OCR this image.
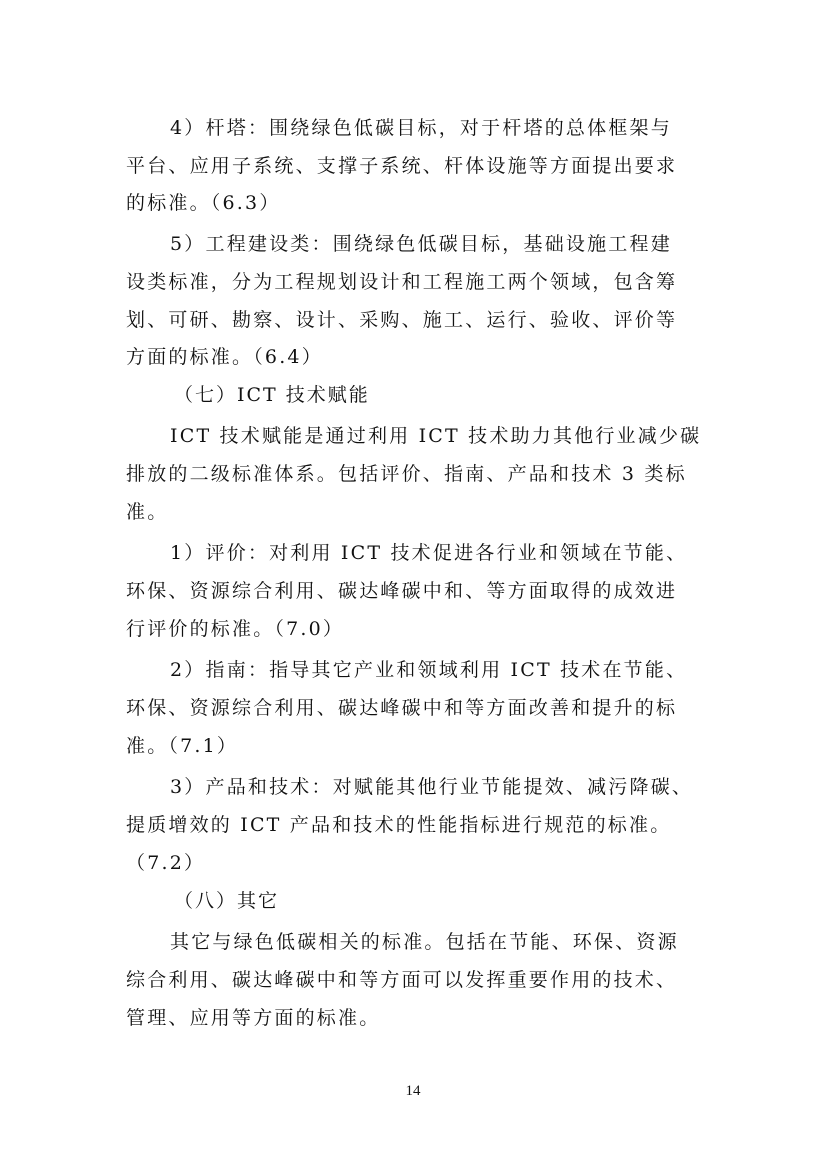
4）杆塔：围绕绿色低碳目标，对于杆塔的总体框架与
平台、应用子系统、支撑子系统、杆体设施等方面提出要求
的标准。（6.3）
5）工程建设类：围绕绿色低碳目标，基础设施工程建
设类标准，分为工程规划设计和工程施工两个领域，包含筹
划、可研、勘察、设计、采购、施工、运行、验收、评价等
方面的标准。（6.4）
（七）ICT 技术赋能
ICT 技术赋能是通过利用 ICT 技术助力其他行业减少碳
排放的二级标准体系。包括评价、指南、产品和技术 3 类标
准。
1）评价：对利用 ICT 技术促进各行业和领域在节能、
环保、资源综合利用、碳达峰碳中和、等方面取得的成效进
行评价的标准。（7.0）
2）指南：指导其它产业和领域利用 ICT 技术在节能、
环保、资源综合利用、碳达峰碳中和等方面改善和提升的标
准。（7.1）
3）产品和技术：对赋能其他行业节能提效、减污降碳、
提质增效的 ICT 产品和技术的性能指标进行规范的标准。
（7.2）
（八）其它
其它与绿色低碳相关的标准。包括在节能、环保、资源
综合利用、碳达峰碳中和等方面可以发挥重要作用的技术、
管理、应用等方面的标准。
14
